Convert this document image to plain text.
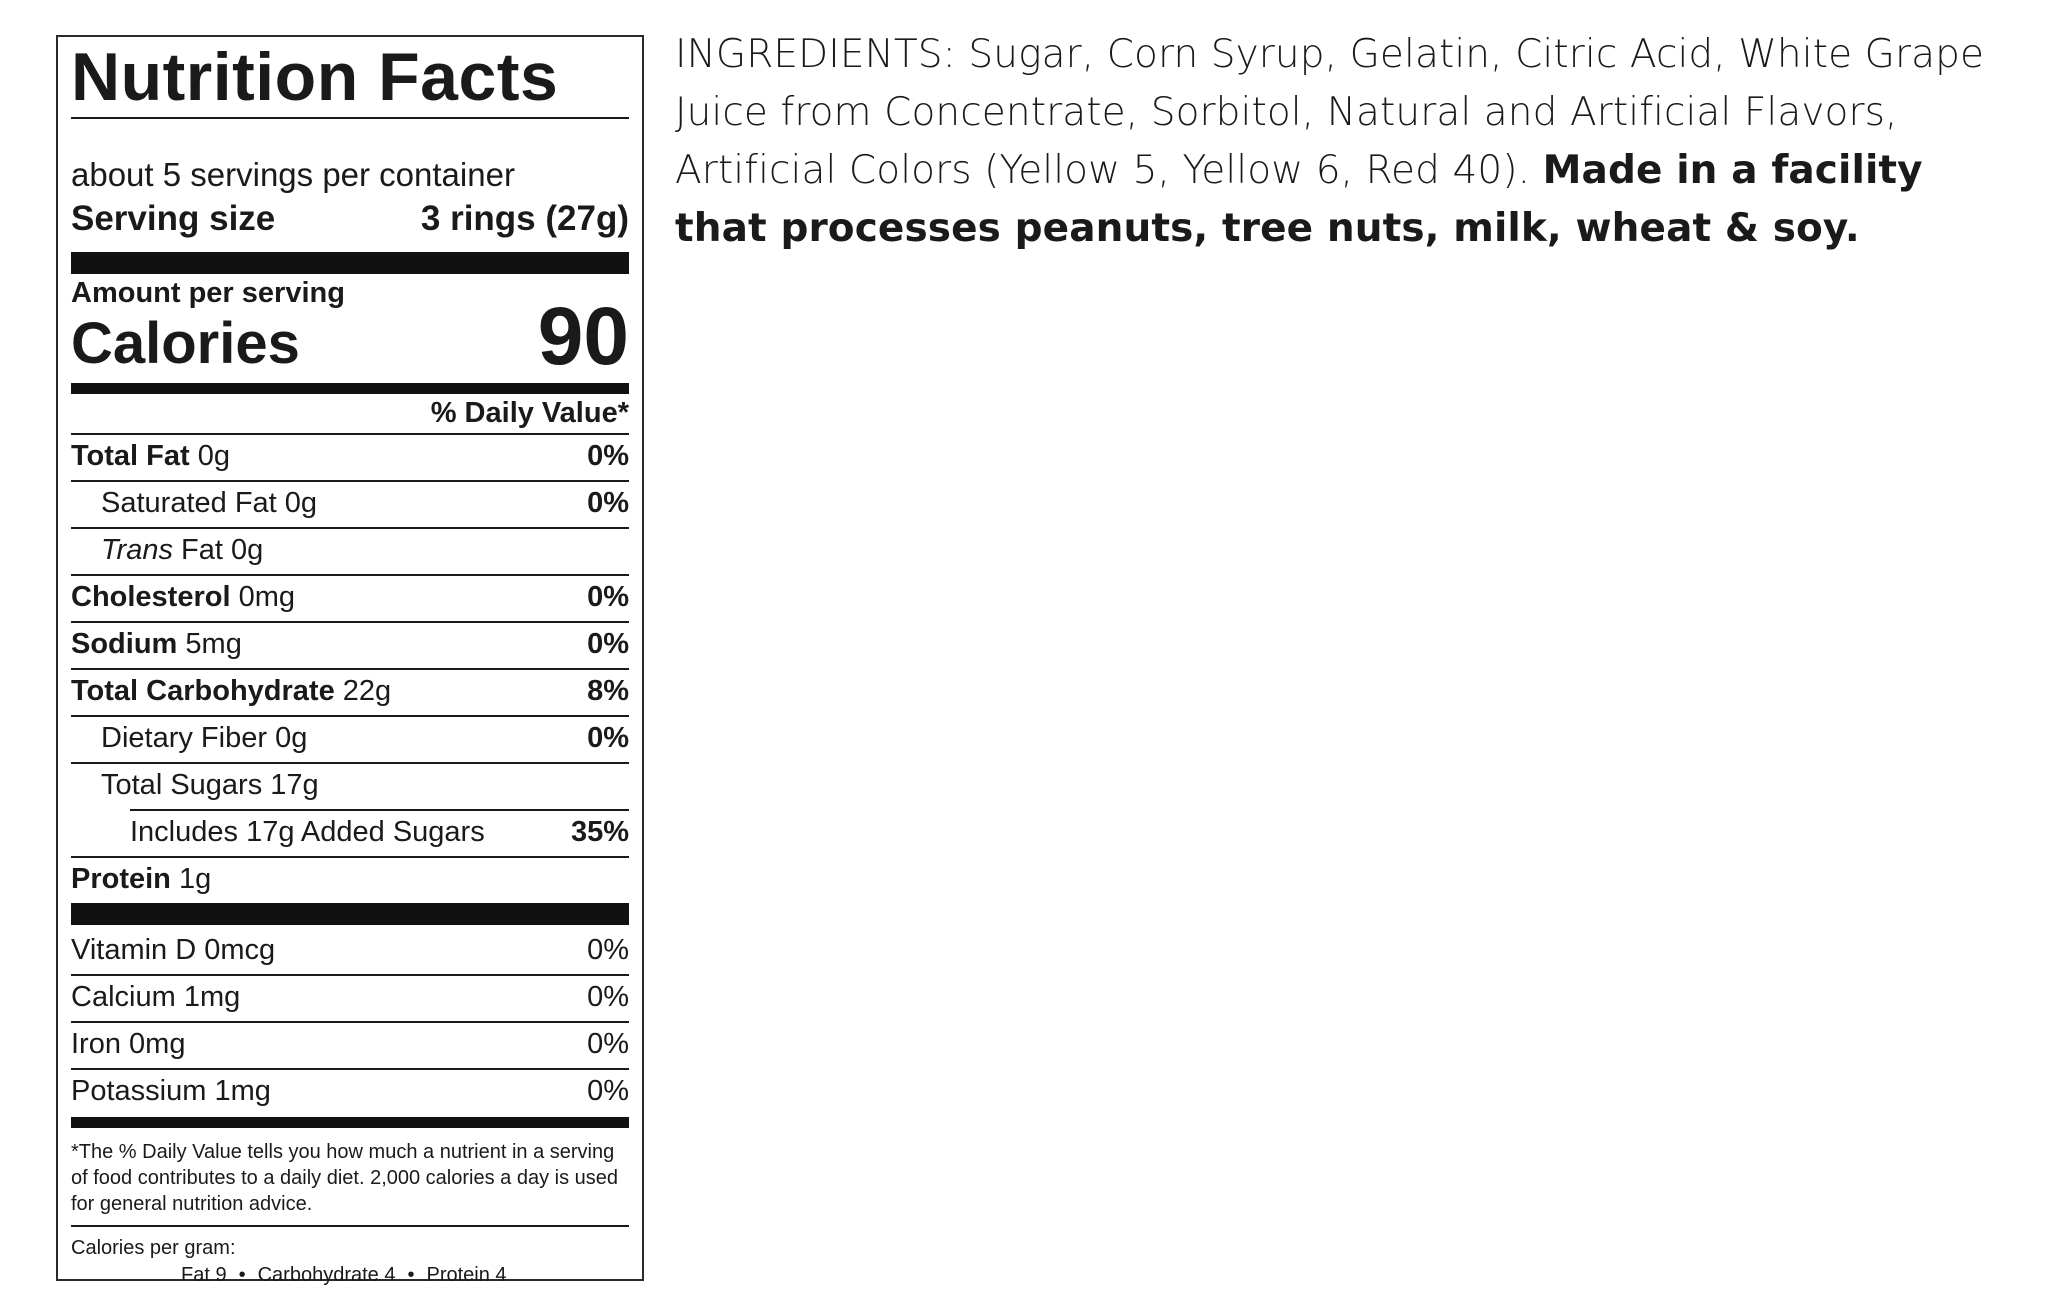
Nutrition Facts
about 5 servings per container
Serving size	3 rings (27g)
Amount per serving
Calories	90
% Daily Value*
Total Fat 0g	0%
Saturated Fat 0g	0%
Trans Fat 0g
Cholesterol 0mg	0%
Sodium 5mg	0%
Total Carbohydrate 22g	8%
Dietary Fiber 0g	0%
Total Sugars 17g
Includes 17g Added Sugars	35%
Protein 1g
Vitamin D 0mcg	0%
Calcium 1mg	0%
Iron 0mg	0%
Potassium 1mg	0%
*The % Daily Value tells you how much a nutrient in a serving of food contributes to a daily diet. 2,000 calories a day is used for general nutrition advice.
Calories per gram:
Fat 9 • Carbohydrate 4 • Protein 4
INGREDIENTS: Sugar, Corn Syrup, Gelatin, Citric Acid, White Grape Juice from Concentrate, Sorbitol, Natural and Artificial Flavors, Artificial Colors (Yellow 5, Yellow 6, Red 40). Made in a facility that processes peanuts, tree nuts, milk, wheat & soy.
